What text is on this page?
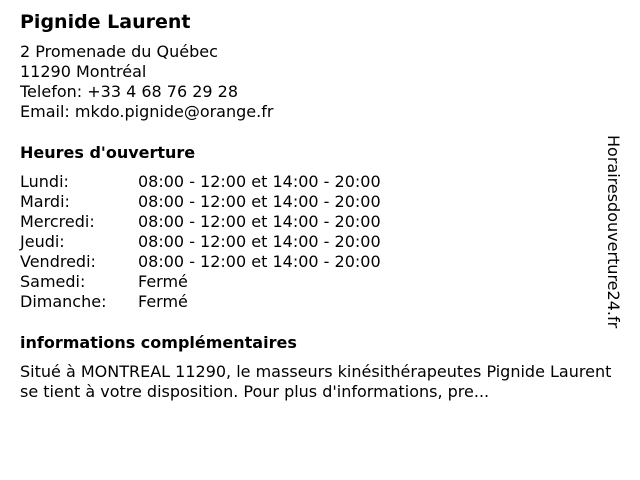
Pignide Laurent
2 Promenade du Québec
11290 Montréal
Telefon: +33 4 68 76 29 28
Email: mkdo.pignide@orange.fr
Heures d'ouverture
Lundi:	08:00 - 12:00 et 14:00 - 20:00
Mardi:	08:00 - 12:00 et 14:00 - 20:00
Mercredi:	08:00 - 12:00 et 14:00 - 20:00
Jeudi:	08:00 - 12:00 et 14:00 - 20:00
Vendredi:	08:00 - 12:00 et 14:00 - 20:00
Samedi:	Fermé
Dimanche:	Fermé
informations complémentaires
Situé à MONTREAL 11290, le masseurs kinésithérapeutes Pignide Laurent se tient à votre disposition. Pour plus d'informations, pre...
Horairesdouverture24.fr
